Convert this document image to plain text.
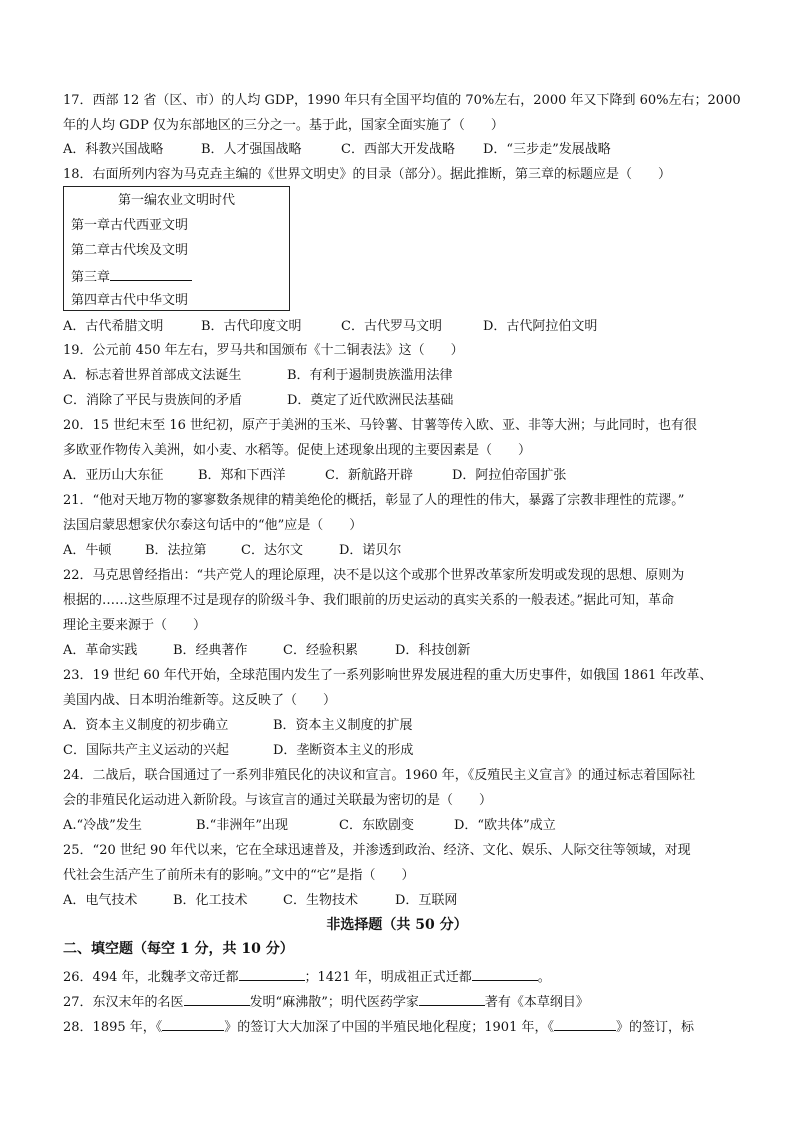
17．西部 12 省（区、市）的人均 GDP，1990 年只有全国平均值的 70%左右，2000 年又下降到 60%左右；2000
年的人均 GDP 仅为东部地区的三分之一。基于此，国家全面实施了（　　）
A．科教兴国战略	B．人才强国战略	C．西部大开发战略 D．“三步走”发展战略
18．右面所列内容为马克垚主编的《世界文明史》的目录（部分）。据此推断，第三章的标题应是（　　）
第一编农业文明时代
第一章古代西亚文明
第二章古代埃及文明
第三章
第四章古代中华文明
A．古代希腊文明	B．古代印度文明	C．古代罗马文明	D．古代阿拉伯文明
19．公元前 450 年左右，罗马共和国颁布《十二铜表法》这（　　）
A．标志着世界首部成文法诞生	B．有利于遏制贵族滥用法律
C．消除了平民与贵族间的矛盾	D．奠定了近代欧洲民法基础
20．15 世纪末至 16 世纪初，原产于美洲的玉米、马铃薯、甘薯等传入欧、亚、非等大洲；与此同时，也有很
多欧亚作物传入美洲，如小麦、水稻等。促使上述现象出现的主要因素是（　　）
A．亚历山大东征	B．郑和下西洋	C．新航路开辟	D．阿拉伯帝国扩张
21．“他对天地万物的寥寥数条规律的精美绝伦的概括，彰显了人的理性的伟大，暴露了宗教非理性的荒谬。”
法国启蒙思想家伏尔泰这句话中的“他”应是（　　）
A．牛顿	B．法拉第	C．达尔文	D．诺贝尔
22．马克思曾经指出：“共产党人的理论原理，决不是以这个或那个世界改革家所发明或发现的思想、原则为
根据的……这些原理不过是现存的阶级斗争、我们眼前的历史运动的真实关系的一般表述。”据此可知，革命
理论主要来源于（　　）
A．革命实践	B．经典著作	C．经验积累	D．科技创新
23．19 世纪 60 年代开始，全球范围内发生了一系列影响世界发展进程的重大历史事件，如俄国 1861 年改革、
美国内战、日本明治维新等。这反映了（　　）
A．资本主义制度的初步确立	B．资本主义制度的扩展
C．国际共产主义运动的兴起	D．垄断资本主义的形成
24．二战后，联合国通过了一系列非殖民化的决议和宣言。1960 年，《反殖民主义宣言》的通过标志着国际社
会的非殖民化运动进入新阶段。与该宣言的通过关联最为密切的是（　　）
A.“冷战”发生	B.“非洲年”出现	C．东欧剧变	D．“欧共体”成立
25．“20 世纪 90 年代以来，它在全球迅速普及，并渗透到政治、经济、文化、娱乐、人际交往等领域，对现
代社会生活产生了前所未有的影响。”文中的“它”是指（　　）
A．电气技术	B．化工技术	C．生物技术	D．互联网
非选择题（共 50 分）
二、填空题（每空 1 分，共 10 分）
26．494 年，北魏孝文帝迁都	；1421 年，明成祖正式迁都	。
27．东汉末年的名医	发明“麻沸散”；明代医药学家	著有《本草纲目》
28．1895 年，《	》的签订大大加深了中国的半殖民地化程度；1901 年，《	》的签订，标
